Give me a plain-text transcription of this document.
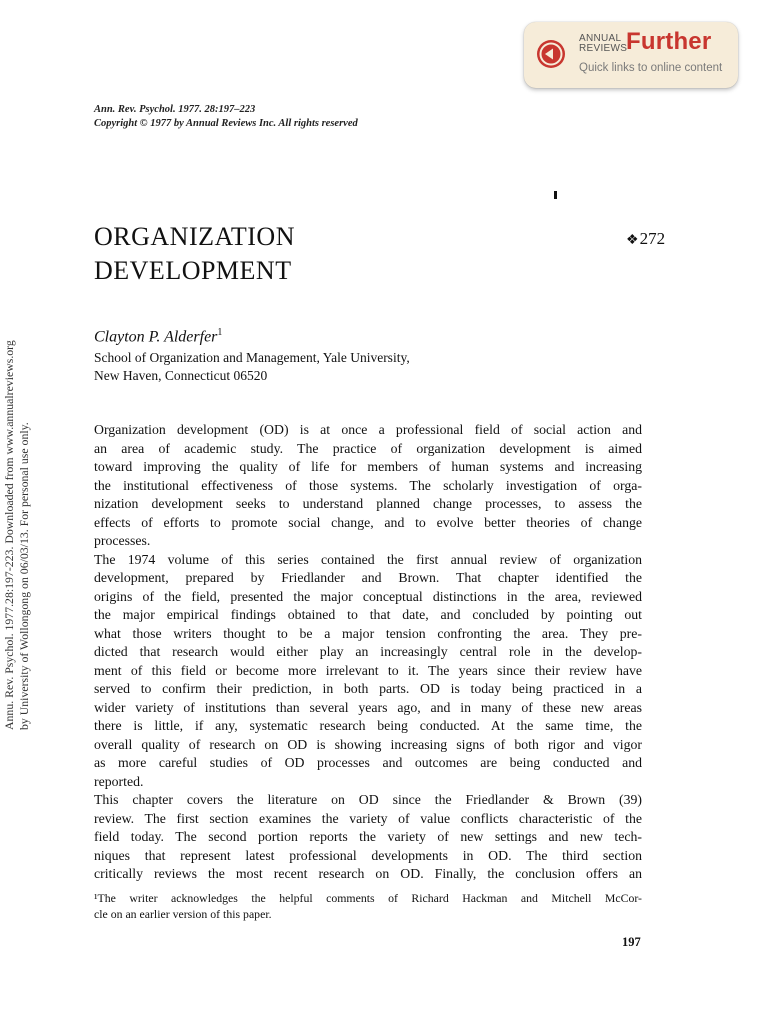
ANNUAL
REVIEWS
Further
Quick links to online content
Ann. Rev. Psychol. 1977. 28:197–223
Copyright © 1977 by Annual Reviews Inc. All rights reserved
ORGANIZATION
DEVELOPMENT
❖272
Clayton P. Alderfer$^1$
School of Organization and Management, Yale University,
New Haven, Connecticut 06520
Organization development (OD) is at once a professional field of social action and
an area of academic study. The practice of organization development is aimed
toward improving the quality of life for members of human systems and increasing
the institutional effectiveness of those systems. The scholarly investigation of orga-
nization development seeks to understand planned change processes, to assess the
effects of efforts to promote social change, and to evolve better theories of change
processes.
The 1974 volume of this series contained the first annual review of organization
development, prepared by Friedlander and Brown. That chapter identified the
origins of the field, presented the major conceptual distinctions in the area, reviewed
the major empirical findings obtained to that date, and concluded by pointing out
what those writers thought to be a major tension confronting the area. They pre-
dicted that research would either play an increasingly central role in the develop-
ment of this field or become more irrelevant to it. The years since their review have
served to confirm their prediction, in both parts. OD is today being practiced in a
wider variety of institutions than several years ago, and in many of these new areas
there is little, if any, systematic research being conducted. At the same time, the
overall quality of research on OD is showing increasing signs of both rigor and vigor
as more careful studies of OD processes and outcomes are being conducted and
reported.
This chapter covers the literature on OD since the Friedlander & Brown (39)
review. The first section examines the variety of value conflicts characteristic of the
field today. The second portion reports the variety of new settings and new tech-
niques that represent latest professional developments in OD. The third section
critically reviews the most recent research on OD. Finally, the conclusion offers an
¹The writer acknowledges the helpful comments of Richard Hackman and Mitchell McCor-
cle on an earlier version of this paper.
197
Annu. Rev. Psychol. 1977.28:197-223. Downloaded from www.annualreviews.org by University of Wollongong on 06/03/13. For personal use only.
